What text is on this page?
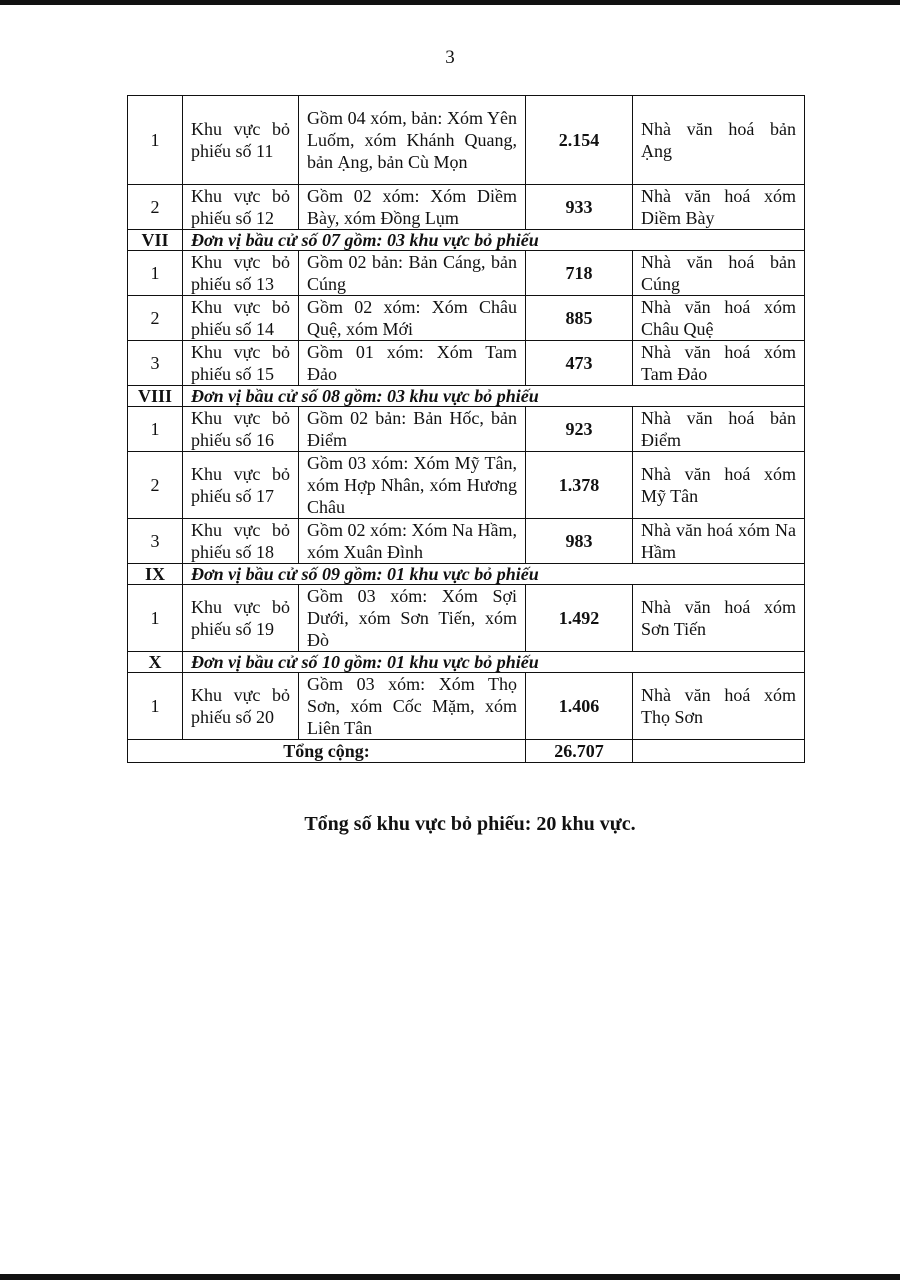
3
1	Khu vực bỏ phiếu số 11	Gồm 04 xóm, bản: Xóm Yên Luốm, xóm Khánh Quang, bản Ạng, bản Cù Mọn	2.154	Nhà văn hoá bản Ạng
2	Khu vực bỏ phiếu số 12	Gồm 02 xóm: Xóm Diềm Bày, xóm Đồng Lụm	933	Nhà văn hoá xóm Diềm Bày
VII	Đơn vị bầu cử số 07 gồm: 03 khu vực bỏ phiếu			
1	Khu vực bỏ phiếu số 13	Gồm 02 bản: Bản Cáng, bản Cúng	718	Nhà văn hoá bản Cúng
2	Khu vực bỏ phiếu số 14	Gồm 02 xóm: Xóm Châu Quệ, xóm Mới	885	Nhà văn hoá xóm Châu Quệ
3	Khu vực bỏ phiếu số 15	Gồm 01 xóm: Xóm Tam Đảo	473	Nhà văn hoá xóm Tam Đảo
VIII	Đơn vị bầu cử số 08 gồm: 03 khu vực bỏ phiếu			
1	Khu vực bỏ phiếu số 16	Gồm 02 bản: Bản Hốc, bản Điểm	923	Nhà văn hoá bản Điểm
2	Khu vực bỏ phiếu số 17	Gồm 03 xóm: Xóm Mỹ Tân, xóm Hợp Nhân, xóm Hương Châu	1.378	Nhà văn hoá xóm Mỹ Tân
3	Khu vực bỏ phiếu số 18	Gồm 02 xóm: Xóm Na Hầm, xóm Xuân Đình	983	Nhà văn hoá xóm Na Hầm
IX	Đơn vị bầu cử số 09 gồm: 01 khu vực bỏ phiếu			
1	Khu vực bỏ phiếu số 19	Gồm 03 xóm: Xóm Sợi Dưới, xóm Sơn Tiến, xóm Đò	1.492	Nhà văn hoá xóm Sơn Tiến
X	Đơn vị bầu cử số 10 gồm: 01 khu vực bỏ phiếu			
1	Khu vực bỏ phiếu số 20	Gồm 03 xóm: Xóm Thọ Sơn, xóm Cốc Mặm, xóm Liên Tân	1.406	Nhà văn hoá xóm Thọ Sơn
Tổng cộng:			26.707	
Tổng số khu vực bỏ phiếu: 20 khu vực.
